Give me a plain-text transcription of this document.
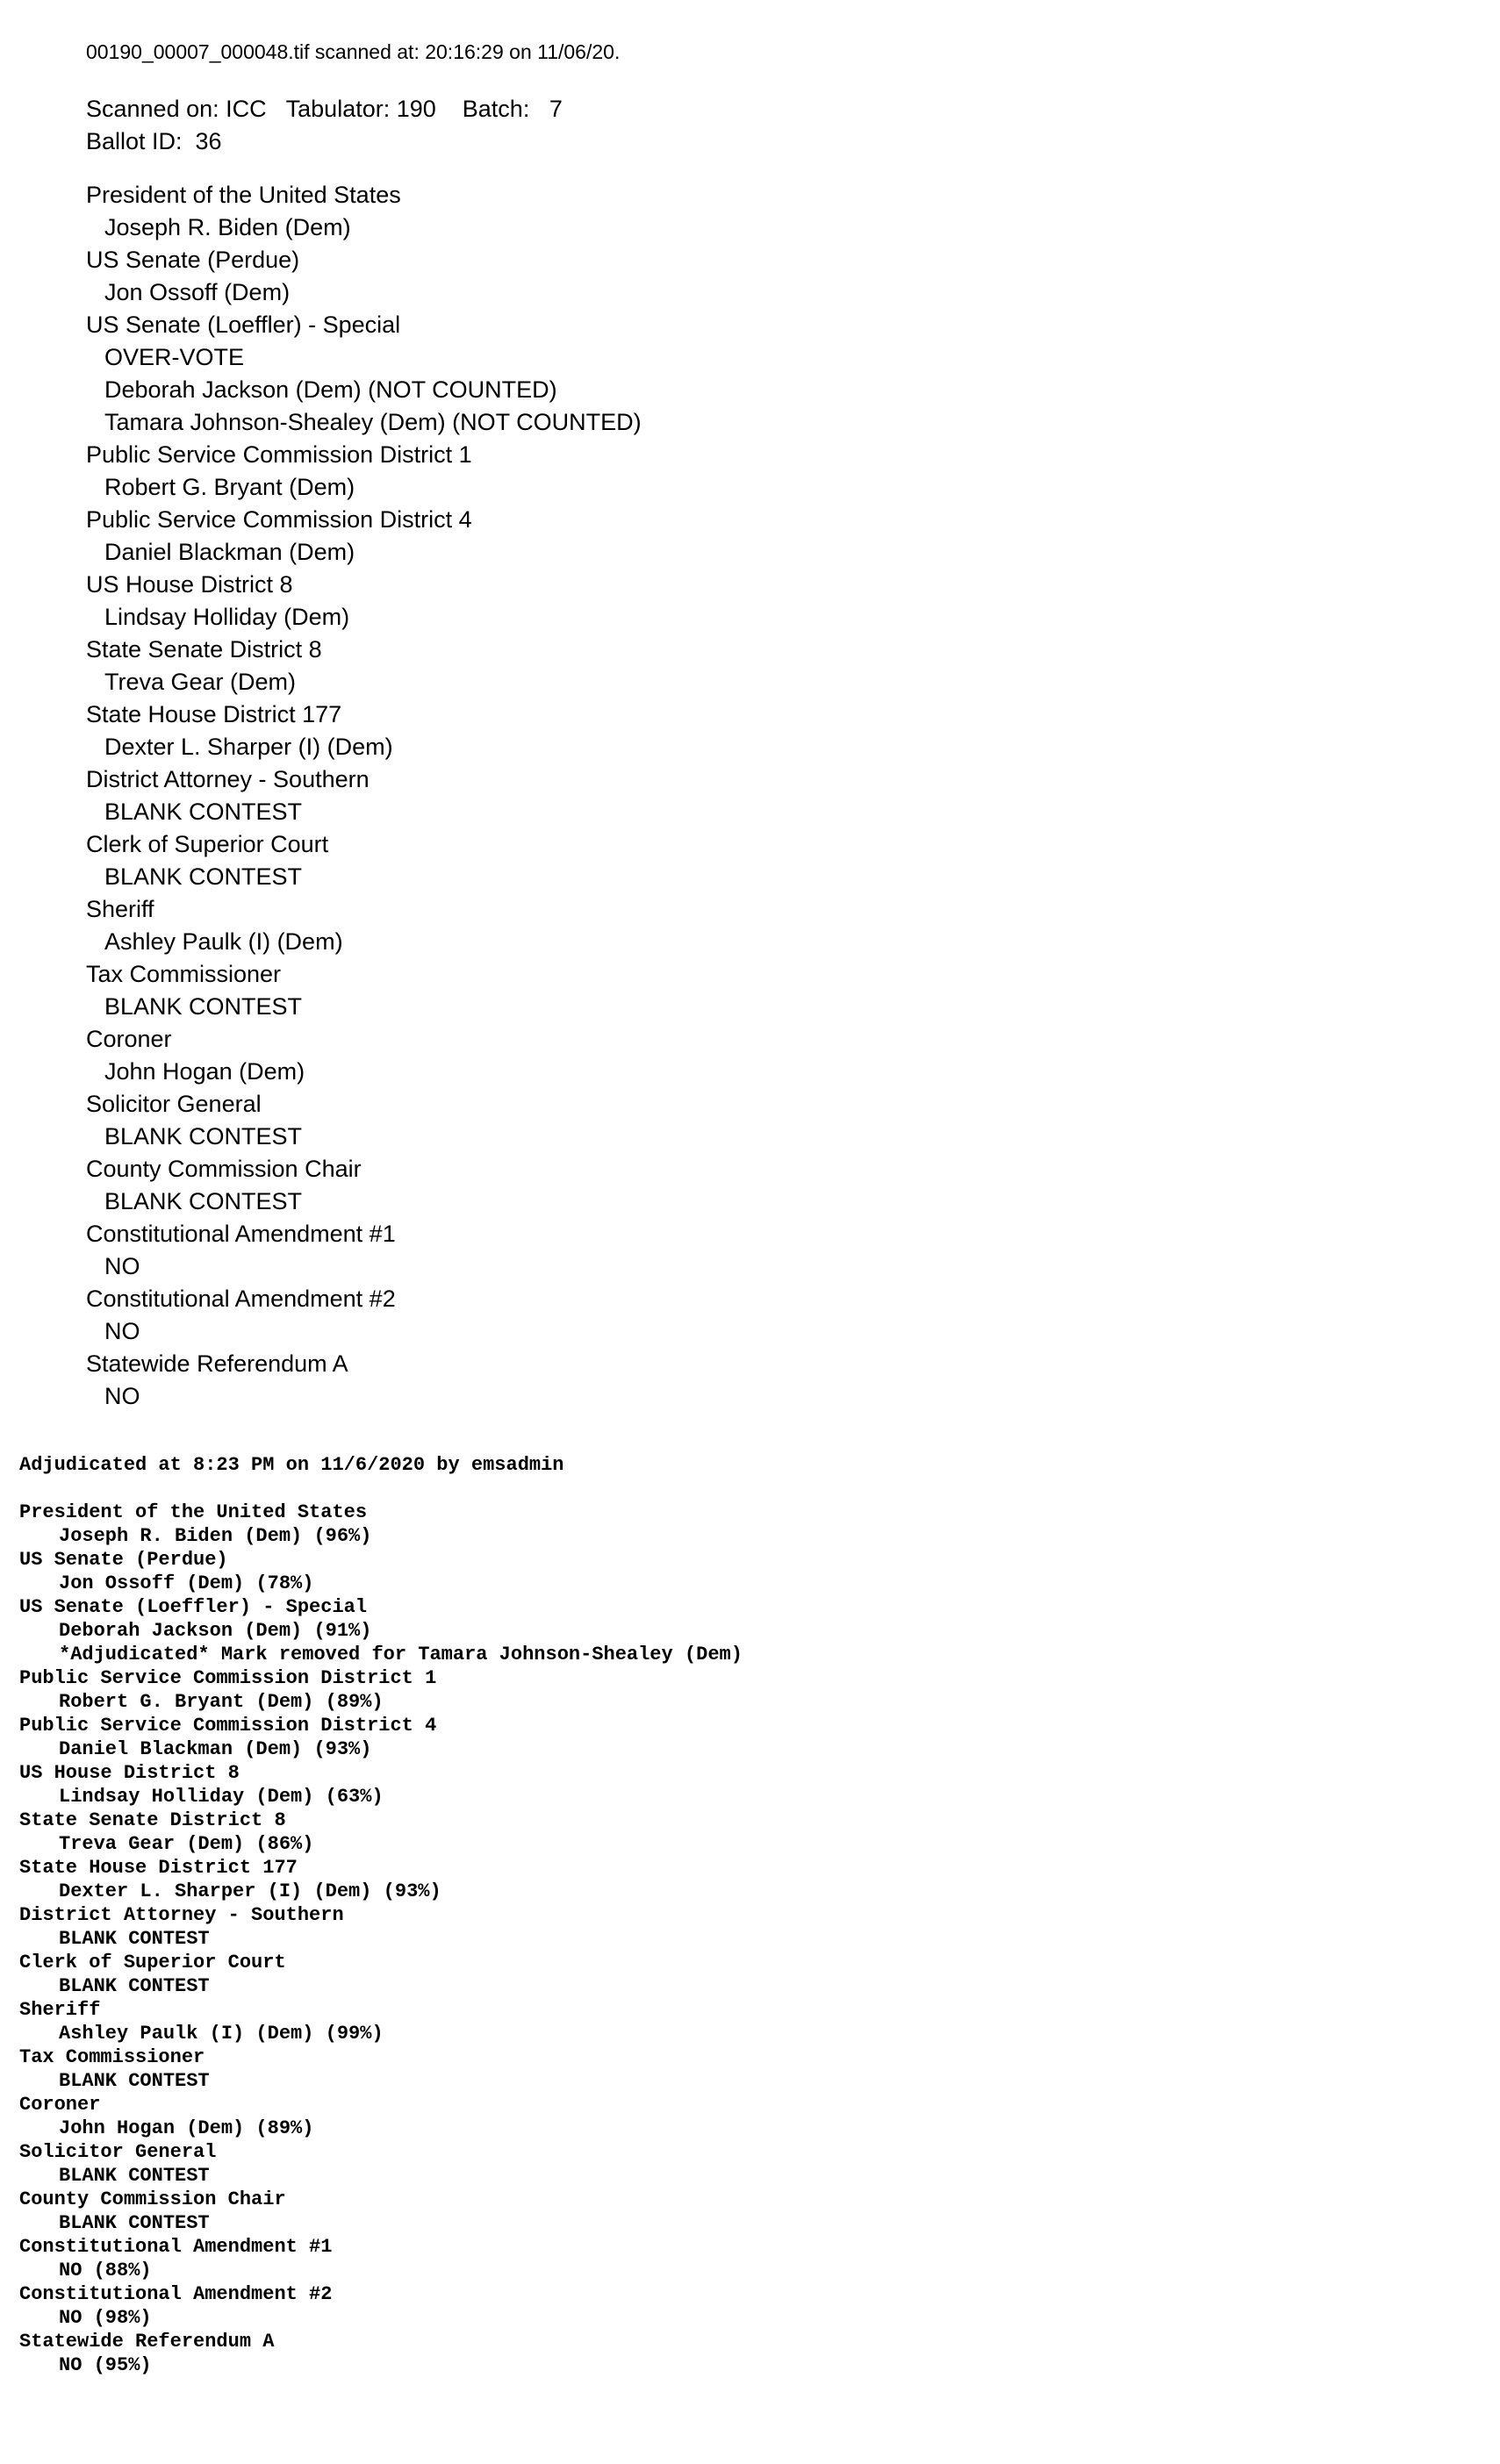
00190_00007_000048.tif scanned at: 20:16:29 on 11/06/20.
Scanned on: ICC   Tabulator: 190    Batch:   7
Ballot ID:  36
President of the United States
Joseph R. Biden (Dem)
US Senate (Perdue)
Jon Ossoff (Dem)
US Senate (Loeffler) - Special
OVER-VOTE
Deborah Jackson (Dem) (NOT COUNTED)
Tamara Johnson-Shealey (Dem) (NOT COUNTED)
Public Service Commission District 1
Robert G. Bryant (Dem)
Public Service Commission District 4
Daniel Blackman (Dem)
US House District 8
Lindsay Holliday (Dem)
State Senate District 8
Treva Gear (Dem)
State House District 177
Dexter L. Sharper (I) (Dem)
District Attorney - Southern
BLANK CONTEST
Clerk of Superior Court
BLANK CONTEST
Sheriff
Ashley Paulk (I) (Dem)
Tax Commissioner
BLANK CONTEST
Coroner
John Hogan (Dem)
Solicitor General
BLANK CONTEST
County Commission Chair
BLANK CONTEST
Constitutional Amendment #1
NO
Constitutional Amendment #2
NO
Statewide Referendum A
NO
Adjudicated at 8:23 PM on 11/6/2020 by emsadmin
President of the United States
Joseph R. Biden (Dem) (96%)
US Senate (Perdue)
Jon Ossoff (Dem) (78%)
US Senate (Loeffler) - Special
Deborah Jackson (Dem) (91%)
*Adjudicated* Mark removed for Tamara Johnson-Shealey (Dem)
Public Service Commission District 1
Robert G. Bryant (Dem) (89%)
Public Service Commission District 4
Daniel Blackman (Dem) (93%)
US House District 8
Lindsay Holliday (Dem) (63%)
State Senate District 8
Treva Gear (Dem) (86%)
State House District 177
Dexter L. Sharper (I) (Dem) (93%)
District Attorney - Southern
BLANK CONTEST
Clerk of Superior Court
BLANK CONTEST
Sheriff
Ashley Paulk (I) (Dem) (99%)
Tax Commissioner
BLANK CONTEST
Coroner
John Hogan (Dem) (89%)
Solicitor General
BLANK CONTEST
County Commission Chair
BLANK CONTEST
Constitutional Amendment #1
NO (88%)
Constitutional Amendment #2
NO (98%)
Statewide Referendum A
NO (95%)
